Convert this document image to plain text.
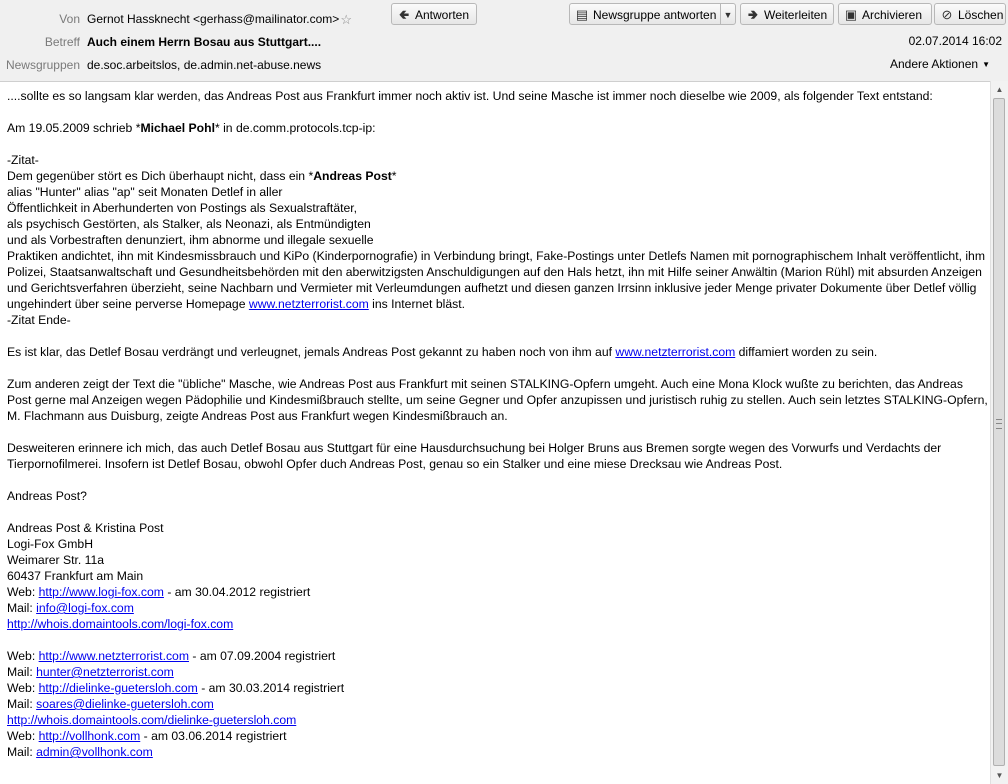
Von Gernot Hassknecht <gerhass@mailinator.com>☆
Betreff Auch einem Herrn Bosau aus Stuttgart....
Newsgruppen de.soc.arbeitslos, de.admin.net-abuse.news
🢀 Antworten	▤ Newsgruppe antworten ▼	🢂 Weiterleiten	▣ Archivieren	⊘ Löschen
02.07.2014 16:02
Andere Aktionen ▼

....sollte es so langsam klar werden, das Andreas Post aus Frankfurt immer noch aktiv ist. Und seine Masche ist immer noch dieselbe wie 2009, als folgender Text entstand:

Am 19.05.2009 schrieb *Michael Pohl* in de.comm.protocols.tcp-ip:

-Zitat-
Dem gegenüber stört es Dich überhaupt nicht, dass ein *Andreas Post*
alias "Hunter" alias "ap" seit Monaten Detlef in aller
Öffentlichkeit in Aberhunderten von Postings als Sexualstraftäter,
als psychisch Gestörten, als Stalker, als Neonazi, als Entmündigten
und als Vorbestraften denunziert, ihm abnorme und illegale sexuelle
Praktiken andichtet, ihn mit Kindesmissbrauch und KiPo (Kinderpornografie) in Verbindung bringt, Fake-Postings unter Detlefs Namen mit pornographischem Inhalt veröffentlicht, ihm Polizei, Staatsanwaltschaft und Gesundheitsbehörden mit den aberwitzigsten Anschuldigungen auf den Hals hetzt, ihn mit Hilfe seiner Anwältin (Marion Rühl) mit absurden Anzeigen und Gerichtsverfahren überzieht, seine Nachbarn und Vermieter mit Verleumdungen aufhetzt und diesen ganzen Irrsinn inklusive jeder Menge privater Dokumente über Detlef völlig ungehindert über seine perverse Homepage www.netzterrorist.com ins Internet bläst.
-Zitat Ende-

Es ist klar, das Detlef Bosau verdrängt und verleugnet, jemals Andreas Post gekannt zu haben noch von ihm auf www.netzterrorist.com diffamiert worden zu sein.

Zum anderen zeigt der Text die "übliche" Masche, wie Andreas Post aus Frankfurt mit seinen STALKING-Opfern umgeht. Auch eine Mona Klock wußte zu berichten, das Andreas Post gerne mal Anzeigen wegen Pädophilie und Kindesmißbrauch stellte, um seine Gegner und Opfer anzupissen und juristisch ruhig zu stellen. Auch sein letztes STALKING-Opfern, M. Flachmann aus Duisburg, zeigte Andreas Post aus Frankfurt wegen Kindesmißbrauch an.

Desweiteren erinnere ich mich, das auch Detlef Bosau aus Stuttgart für eine Hausdurchsuchung bei Holger Bruns aus Bremen sorgte wegen des Vorwurfs und Verdachts der Tierpornofilmerei. Insofern ist Detlef Bosau, obwohl Opfer duch Andreas Post, genau so ein Stalker und eine miese Drecksau wie Andreas Post.

Andreas Post?

Andreas Post & Kristina Post
Logi-Fox GmbH
Weimarer Str. 11a
60437 Frankfurt am Main
Web: http://www.logi-fox.com - am 30.04.2012 registriert
Mail: info@logi-fox.com
http://whois.domaintools.com/logi-fox.com

Web: http://www.netzterrorist.com - am 07.09.2004 registriert
Mail: hunter@netzterrorist.com
Web: http://dielinke-guetersloh.com - am 30.03.2014 registriert
Mail: soares@dielinke-guetersloh.com
http://whois.domaintools.com/dielinke-guetersloh.com
Web: http://vollhonk.com - am 03.06.2014 registriert
Mail: admin@vollhonk.com

▲
▼
